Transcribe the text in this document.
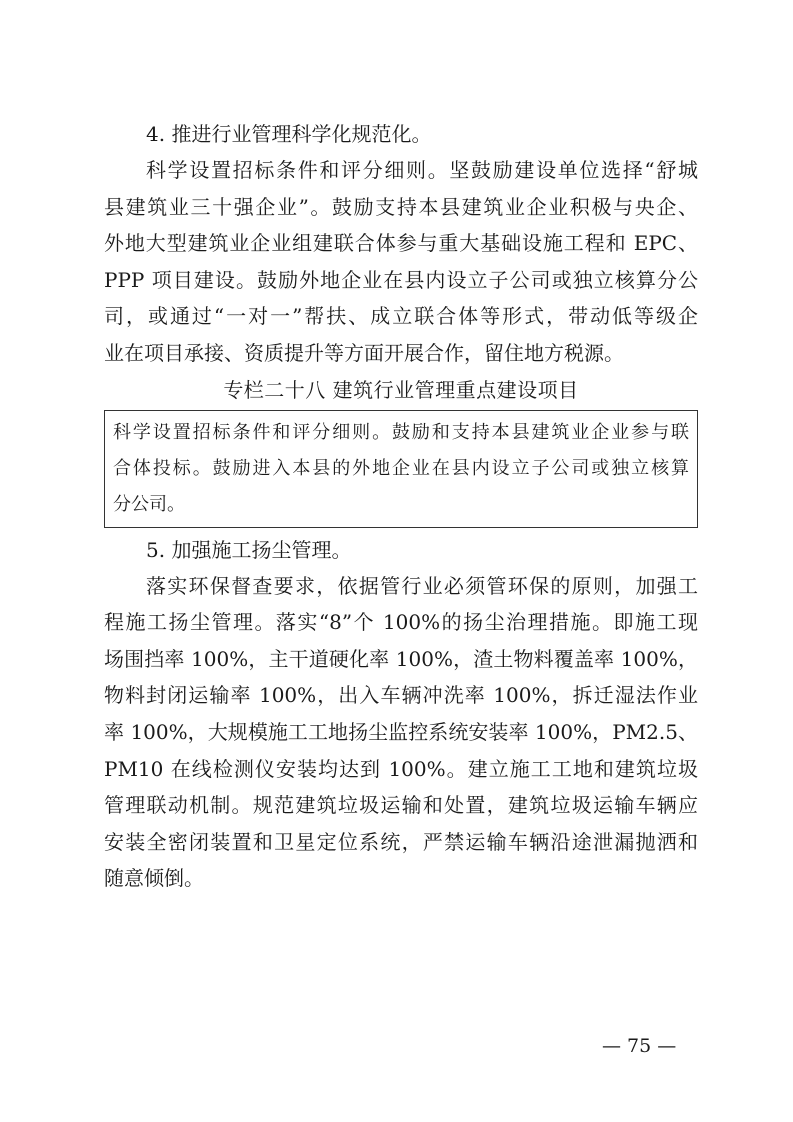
4. 推进行业管理科学化规范化。

科学设置招标条件和评分细则。坚鼓励建设单位选择“舒城
县建筑业三十强企业”。鼓励支持本县建筑业企业积极与央企、
外地大型建筑业企业组建联合体参与重大基础设施工程和 EPC、
PPP 项目建设。鼓励外地企业在县内设立子公司或独立核算分公
司，或通过“一对一”帮扶、成立联合体等形式，带动低等级企
业在项目承接、资质提升等方面开展合作，留住地方税源。

专栏二十八 建筑行业管理重点建设项目

科学设置招标条件和评分细则。鼓励和支持本县建筑业企业参与联
合体投标。鼓励进入本县的外地企业在县内设立子公司或独立核算
分公司。

5. 加强施工扬尘管理。

落实环保督查要求，依据管行业必须管环保的原则，加强工
程施工扬尘管理。落实“8”个 100%的扬尘治理措施。即施工现
场围挡率 100%，主干道硬化率 100%，渣土物料覆盖率 100%，
物料封闭运输率 100%，出入车辆冲洗率 100%，拆迁湿法作业
率 100%，大规模施工工地扬尘监控系统安装率 100%，PM2.5、
PM10 在线检测仪安装均达到 100%。建立施工工地和建筑垃圾
管理联动机制。规范建筑垃圾运输和处置，建筑垃圾运输车辆应
安装全密闭装置和卫星定位系统，严禁运输车辆沿途泄漏抛洒和
随意倾倒。
— 75 —
